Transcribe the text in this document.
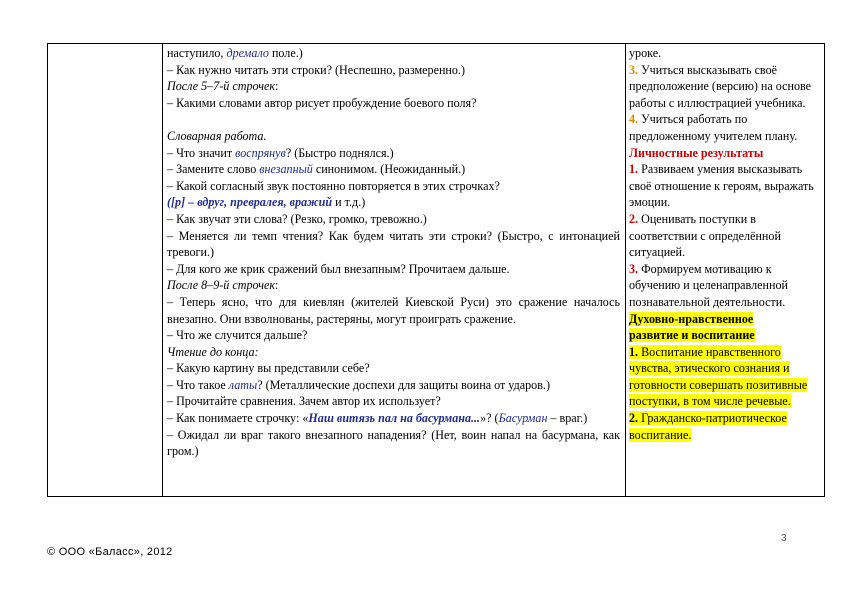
наступило, дремало поле.)

– Как нужно читать эти строки? (Неспешно, размеренно.)

После 5–7-й строчек:

– Какими словами автор рисует пробуждение боевого поля?

Словарная работа.

– Что значит воспрянув? (Быстро поднялся.)

– Замените слово внезапный синонимом. (Неожиданный.)

– Какой согласный звук постоянно повторяется в этих строчках?

([р] – вдруг, превралея, вражий и т.д.)

– Как звучат эти слова? (Резко, громко, тревожно.)

– Меняется ли темп чтения? Как будем читать эти строки? (Быстро, с интонацией тревоги.)

– Для кого же крик сражений был внезапным? Прочитаем дальше.

После 8–9-й строчек:

– Теперь ясно, что для киевлян (жителей Киевской Руси) это сражение началось внезапно. Они взволнованы, растеряны, могут проиграть сражение.

– Что же случится дальше?

Чтение до конца:

– Какую картину вы представили себе?

– Что такое латы? (Металлические доспехи для защиты воина от ударов.)

– Прочитайте сравнения. Зачем автор их использует?

– Как понимаете строчку: «Наш витязь пал на басурмана...»? (Басурман – враг.)

– Ожидал ли враг такого внезапного нападения? (Нет, воин напал на басурмана, как гром.)

уроке.

3. Учиться высказывать своё предположение (версию) на основе работы с иллюстрацией учебника.

4. Учиться работать по предложенному учителем плану.

Личностные результаты

1. Развиваем умения высказывать своё отношение к героям, выражать эмоции.

2. Оценивать поступки в соответствии с определённой ситуацией.

3. Формируем мотивацию к обучению и целенаправленной познавательной деятельности.

Духовно-нравственное
развитие и воспитание

1. Воспитание нравственного чувства, этического сознания и готовности совершать позитивные поступки, в том числе речевые.

2. Гражданско-патриотическое воспитание.

3
© ООО «Баласс», 2012
